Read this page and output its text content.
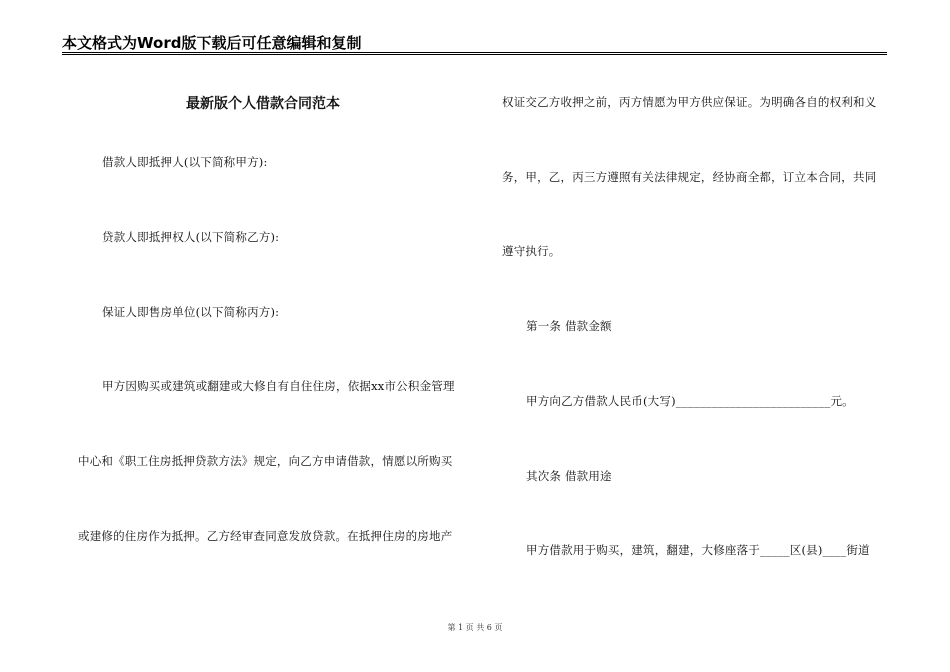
本文格式为Word版下载后可任意编辑和复制
最新版个人借款合同范本
借款人即抵押人(以下简称甲方):
贷款人即抵押权人(以下简称乙方):
保证人即售房单位(以下简称丙方):
甲方因购买或建筑或翻建或大修自有自住住房，依据xx市公积金管理
中心和《职工住房抵押贷款方法》规定，向乙方申请借款，情愿以所购买
或建修的住房作为抵押。乙方经审查同意发放贷款。在抵押住房的房地产
权证交乙方收押之前，丙方情愿为甲方供应保证。为明确各自的权利和义
务，甲，乙，丙三方遵照有关法律规定，经协商全都，订立本合同，共同
遵守执行。
第一条 借款金额
甲方向乙方借款人民币(大写)__________________________元。
其次条 借款用途
甲方借款用于购买，建筑，翻建，大修座落于_____区(县)____街道
第 1 页 共 6 页
